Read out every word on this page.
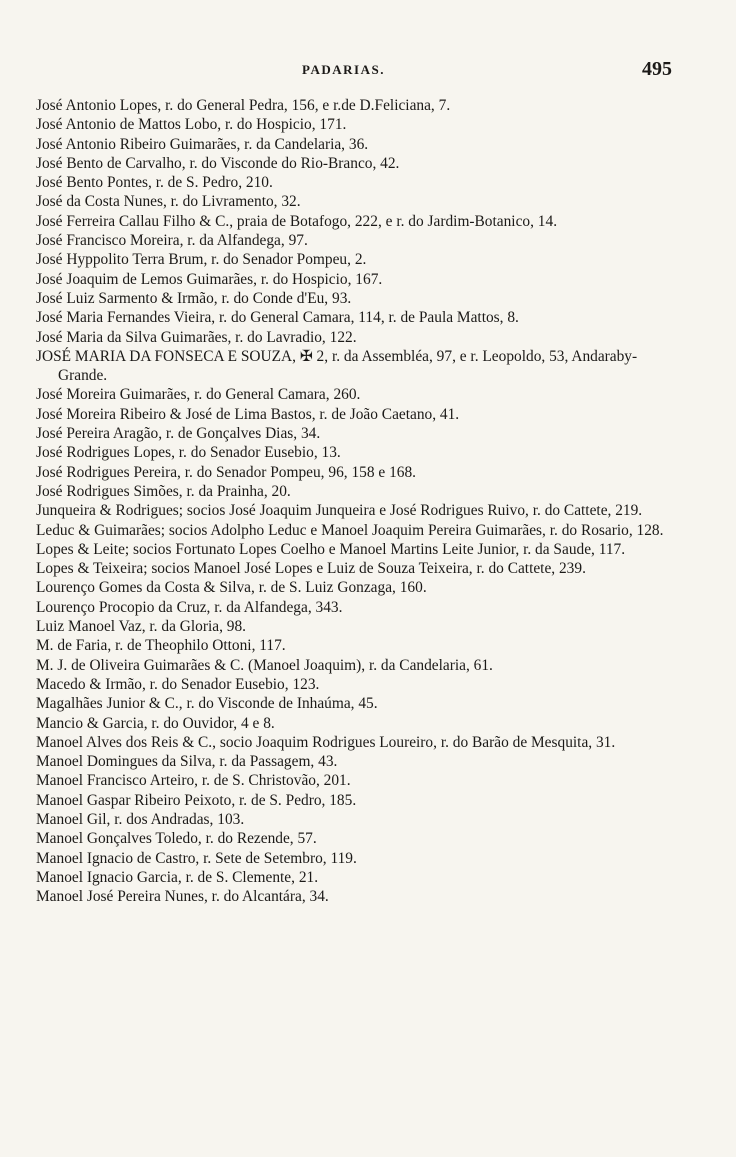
PADARIAS.	495
José Antonio Lopes, r. do General Pedra, 156, e r.de D.Feliciana, 7.
José Antonio de Mattos Lobo, r. do Hospicio, 171.
José Antonio Ribeiro Guimarães, r. da Candelaria, 36.
José Bento de Carvalho, r. do Visconde do Rio-Branco, 42.
José Bento Pontes, r. de S. Pedro, 210.
José da Costa Nunes, r. do Livramento, 32.
José Ferreira Callau Filho & C., praia de Botafogo, 222, e r. do Jardim-Botanico, 14.
José Francisco Moreira, r. da Alfandega, 97.
José Hyppolito Terra Brum, r. do Senador Pompeu, 2.
José Joaquim de Lemos Guimarães, r. do Hospicio, 167.
José Luiz Sarmento & Irmão, r. do Conde d'Eu, 93.
José Maria Fernandes Vieira, r. do General Camara, 114, r. de Paula Mattos, 8.
José Maria da Silva Guimarães, r. do Lavradio, 122.
JOSÉ MARIA DA FONSECA E SOUZA, ✠ 2, r. da Assembléa, 97, e r. Leopoldo, 53, Andaraby-Grande.
José Moreira Guimarães, r. do General Camara, 260.
José Moreira Ribeiro & José de Lima Bastos, r. de João Caetano, 41.
José Pereira Aragão, r. de Gonçalves Dias, 34.
José Rodrigues Lopes, r. do Senador Eusebio, 13.
José Rodrigues Pereira, r. do Senador Pompeu, 96, 158 e 168.
José Rodrigues Simões, r. da Prainha, 20.
Junqueira & Rodrigues; socios José Joaquim Junqueira e José Rodrigues Ruivo, r. do Cattete, 219.
Leduc & Guimarães; socios Adolpho Leduc e Manoel Joaquim Pereira Guimarães, r. do Rosario, 128.
Lopes & Leite; socios Fortunato Lopes Coelho e Manoel Martins Leite Junior, r. da Saude, 117.
Lopes & Teixeira; socios Manoel José Lopes e Luiz de Souza Teixeira, r. do Cattete, 239.
Lourenço Gomes da Costa & Silva, r. de S. Luiz Gonzaga, 160.
Lourenço Procopio da Cruz, r. da Alfandega, 343.
Luiz Manoel Vaz, r. da Gloria, 98.
M. de Faria, r. de Theophilo Ottoni, 117.
M. J. de Oliveira Guimarães & C. (Manoel Joaquim), r. da Candelaria, 61.
Macedo & Irmão, r. do Senador Eusebio, 123.
Magalhães Junior & C., r. do Visconde de Inhaúma, 45.
Mancio & Garcia, r. do Ouvidor, 4 e 8.
Manoel Alves dos Reis & C., socio Joaquim Rodrigues Loureiro, r. do Barão de Mesquita, 31.
Manoel Domingues da Silva, r. da Passagem, 43.
Manoel Francisco Arteiro, r. de S. Christovão, 201.
Manoel Gaspar Ribeiro Peixoto, r. de S. Pedro, 185.
Manoel Gil, r. dos Andradas, 103.
Manoel Gonçalves Toledo, r. do Rezende, 57.
Manoel Ignacio de Castro, r. Sete de Setembro, 119.
Manoel Ignacio Garcia, r. de S. Clemente, 21.
Manoel José Pereira Nunes, r. do Alcantára, 34.
